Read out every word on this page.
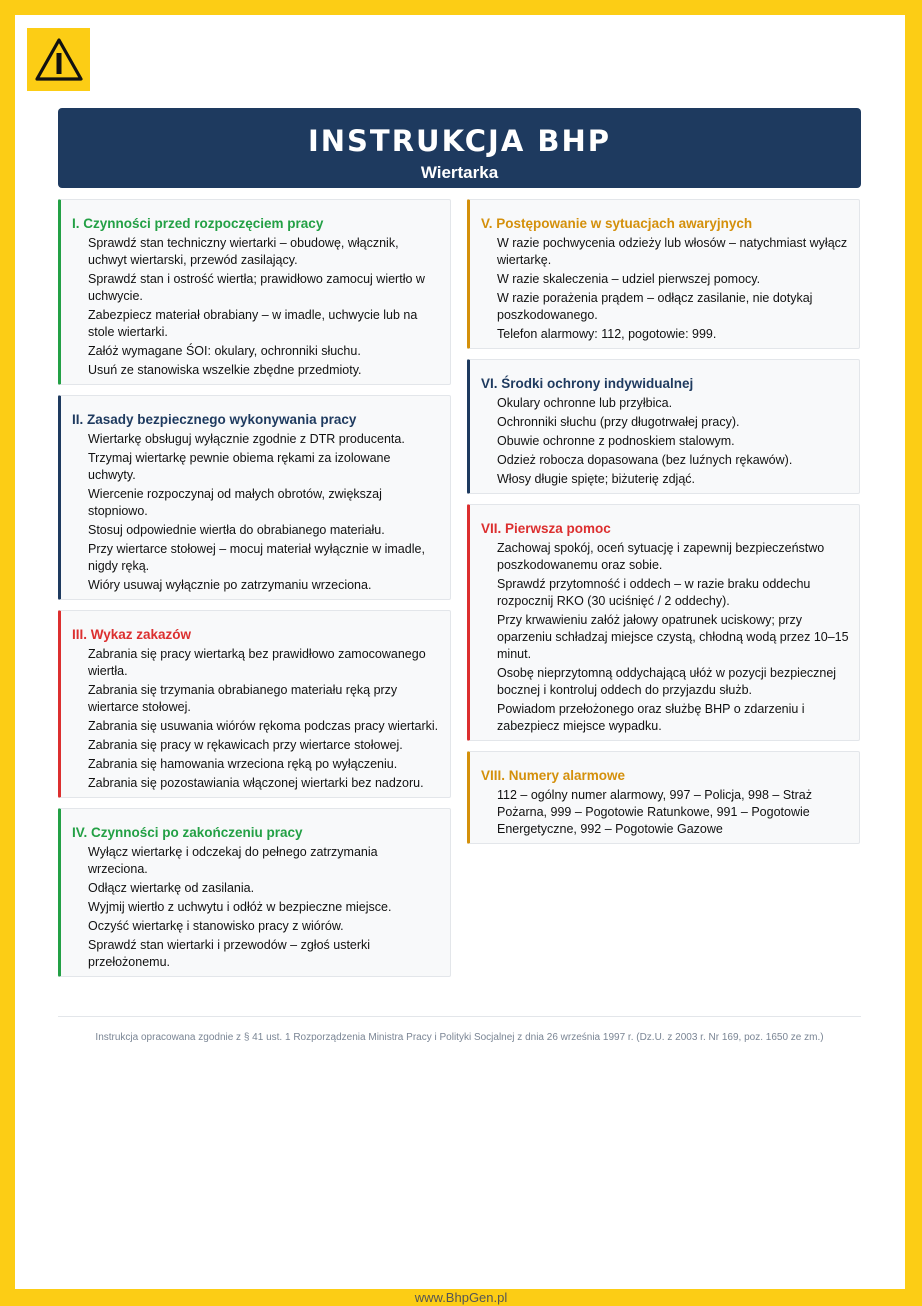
INSTRUKCJA BHP
Wiertarka
I. Czynności przed rozpoczęciem pracy
Sprawdź stan techniczny wiertarki – obudowę, włącznik, uchwyt wiertarski, przewód zasilający.
Sprawdź stan i ostrość wiertła; prawidłowo zamocuj wiertło w uchwycie.
Zabezpiecz materiał obrabiany – w imadle, uchwycie lub na stole wiertarki.
Załóż wymagane ŚOI: okulary, ochronniki słuchu.
Usuń ze stanowiska wszelkie zbędne przedmioty.
II. Zasady bezpiecznego wykonywania pracy
Wiertarkę obsługuj wyłącznie zgodnie z DTR producenta.
Trzymaj wiertarkę pewnie obiema rękami za izolowane uchwyty.
Wiercenie rozpoczynaj od małych obrotów, zwiększaj stopniowo.
Stosuj odpowiednie wiertła do obrabianego materiału.
Przy wiertarce stołowej – mocuj materiał wyłącznie w imadle, nigdy ręką.
Wióry usuwaj wyłącznie po zatrzymaniu wrzeciona.
III. Wykaz zakazów
Zabrania się pracy wiertarką bez prawidłowo zamocowanego wiertła.
Zabrania się trzymania obrabianego materiału ręką przy wiertarce stołowej.
Zabrania się usuwania wiórów rękoma podczas pracy wiertarki.
Zabrania się pracy w rękawicach przy wiertarce stołowej.
Zabrania się hamowania wrzeciona ręką po wyłączeniu.
Zabrania się pozostawiania włączonej wiertarki bez nadzoru.
IV. Czynności po zakończeniu pracy
Wyłącz wiertarkę i odczekaj do pełnego zatrzymania wrzeciona.
Odłącz wiertarkę od zasilania.
Wyjmij wiertło z uchwytu i odłóż w bezpieczne miejsce.
Oczyść wiertarkę i stanowisko pracy z wiórów.
Sprawdź stan wiertarki i przewodów – zgłoś usterki przełożonemu.
V. Postępowanie w sytuacjach awaryjnych
W razie pochwycenia odzieży lub włosów – natychmiast wyłącz wiertarkę.
W razie skaleczenia – udziel pierwszej pomocy.
W razie porażenia prądem – odłącz zasilanie, nie dotykaj poszkodowanego.
Telefon alarmowy: 112, pogotowie: 999.
VI. Środki ochrony indywidualnej
Okulary ochronne lub przyłbica.
Ochronniki słuchu (przy długotrwałej pracy).
Obuwie ochronne z podnoskiem stalowym.
Odzież robocza dopasowana (bez luźnych rękawów).
Włosy długie spięte; biżuterię zdjąć.
VII. Pierwsza pomoc
Zachowaj spokój, oceń sytuację i zapewnij bezpieczeństwo poszkodowanemu oraz sobie.
Sprawdź przytomność i oddech – w razie braku oddechu rozpocznij RKO (30 uciśnięć / 2 oddechy).
Przy krwawieniu załóż jałowy opatrunek uciskowy; przy oparzeniu schładzaj miejsce czystą, chłodną wodą przez 10–15 minut.
Osobę nieprzytomną oddychającą ułóż w pozycji bezpiecznej bocznej i kontroluj oddech do przyjazdu służb.
Powiadom przełożonego oraz służbę BHP o zdarzeniu i zabezpiecz miejsce wypadku.
VIII. Numery alarmowe
112 – ogólny numer alarmowy, 997 – Policja, 998 – Straż Pożarna, 999 – Pogotowie Ratunkowe, 991 – Pogotowie Energetyczne, 992 – Pogotowie Gazowe
Instrukcja opracowana zgodnie z § 41 ust. 1 Rozporządzenia Ministra Pracy i Polityki Socjalnej z dnia 26 września 1997 r. (Dz.U. z 2003 r. Nr 169, poz. 1650 ze zm.)
www.BhpGen.pl
